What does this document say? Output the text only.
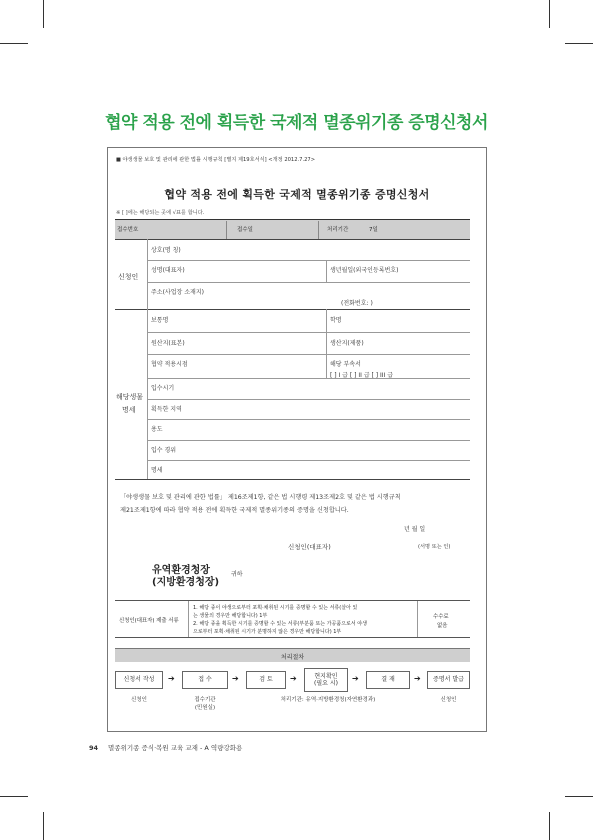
협약 적용 전에 획득한 국제적 멸종위기종 증명신청서
■ 야생생물 보호 및 관리에 관한 법률 시행규칙 [별지 제19호서식] <개정 2012.7.27>
협약 적용 전에 획득한 국제적 멸종위기종 증명신청서
※ [ ]에는 해당되는 곳에 √표를 합니다.
접수번호	접수일	처리기간	7일
신청인
상호(명 칭)
성명(대표자)	생년월일(외국인등록번호)
주소(사업장 소재지)
(전화번호: )
해당생물
명세
보통명	학명
원산지(표본)	생산지(제품)
협약 적용시점	해당 부속서
[ ] I 급 [ ] II 급 [ ] III 급
입수시기
획득한 지역
용도
입수 경위
명세
「야생생물 보호 및 관리에 관한 법률」 제16조제1항, 같은 법 시행령 제13조제2호 및 같은 법 시행규칙
제21조제1항에 따라 협약 적용 전에 획득한 국제적 멸종위기종의 증명을 신청합니다.
년 월 일
신청인(대표자)	(서명 또는 인)
유역환경청장
(지방환경청장)
귀하
신청인(대표자) 제출 서류
1. 해당 종이 야생으로부터 포획·채취된 시기를 증명할 수 있는 서류(살아 있
는 생물의 경우만 해당합니다) 1부
2. 해당 종을 획득한 시기를 증명할 수 있는 서류(부분품 또는 가공품으로서 야생
으로부터 포획·채취된 시기가 분명하지 않은 경우만 해당합니다) 1부
수수료
없음
처리절차
신청서 작성 ➔	접 수	➔	검 토 ➔	현지확인
(필요 시)
➔	결 재 ➔ 증명서 발급
신청인	접수기관
(민원실)
처리기관: 유역·지방환경청(자연환경과)	신청인
94 멸종위기종 증식·복원 교육 교재 - A 역량강화용
